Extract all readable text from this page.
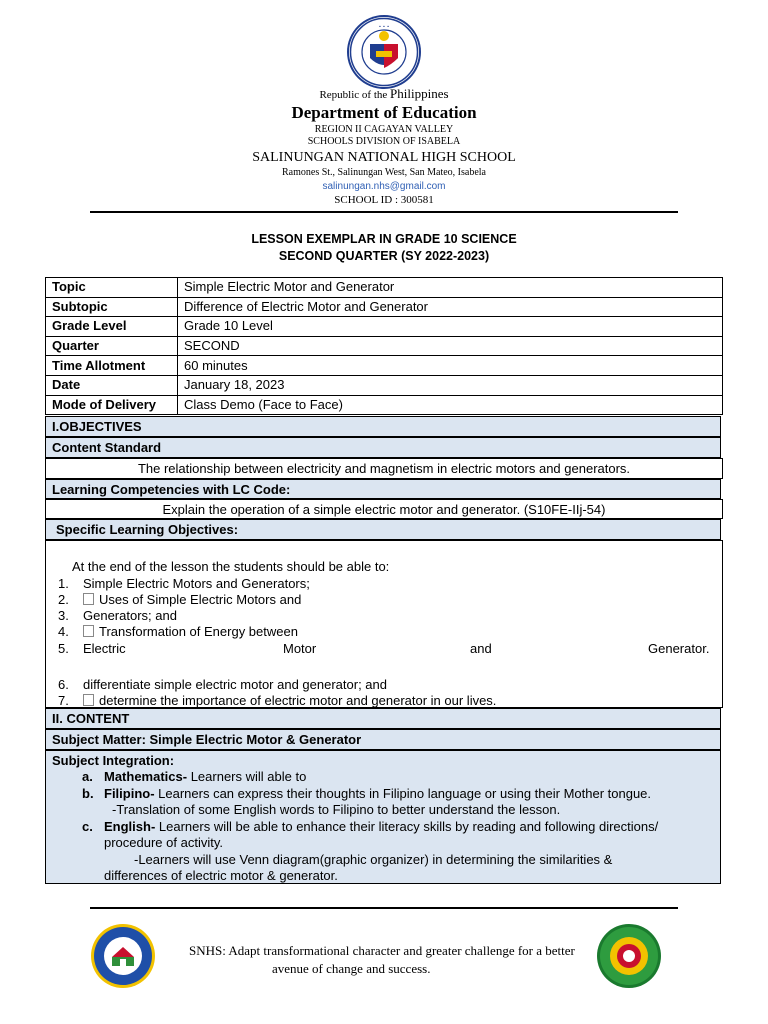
• • •
Republic of the Philippines
Department of Education
REGION II CAGAYAN VALLEY
SCHOOLS DIVISION OF ISABELA
SALINUNGAN NATIONAL HIGH SCHOOL
Ramones St., Salinungan West, San Mateo, Isabela
salinungan.nhs@gmail.com
SCHOOL ID : 300581
LESSON EXEMPLAR IN GRADE 10 SCIENCE
SECOND QUARTER (SY 2022-2023)
Topic	Simple Electric Motor and Generator
Subtopic	Difference of Electric Motor and Generator
Grade Level	Grade 10 Level
Quarter	SECOND
Time Allotment	60 minutes
Date	January 18, 2023
Mode of Delivery	Class Demo (Face to Face)
I.OBJECTIVES
Content Standard
The relationship between electricity and magnetism in electric motors and generators.
Learning Competencies with LC Code:
Explain the operation of a simple electric motor and generator. (S10FE-IIj-54)
Specific Learning Objectives:
At the end of the lesson the students should be able to:
1. Simple Electric Motors and Generators;
2.	Uses of Simple Electric Motors and
3. Generators; and
4.	Transformation of Energy between
5. Electric	Motor	and	Generator.
6. differentiate simple electric motor and generator; and
7.	determine the importance of electric motor and generator in our lives.
II. CONTENT
Subject Matter: Simple Electric Motor & Generator
Subject Integration:
a. Mathematics- Learners will able to
b. Filipino- Learners can express their thoughts in Filipino language or using their Mother tongue.
-Translation of some English words to Filipino to better understand the lesson.
c. English- Learners will be able to enhance their literacy skills by reading and following directions/
procedure of activity.
-Learners will use Venn diagram(graphic organizer) in determining the similarities &
differences of electric motor & generator.
SNHS: Adapt transformational character and greater challenge for a better
avenue of change and success.
